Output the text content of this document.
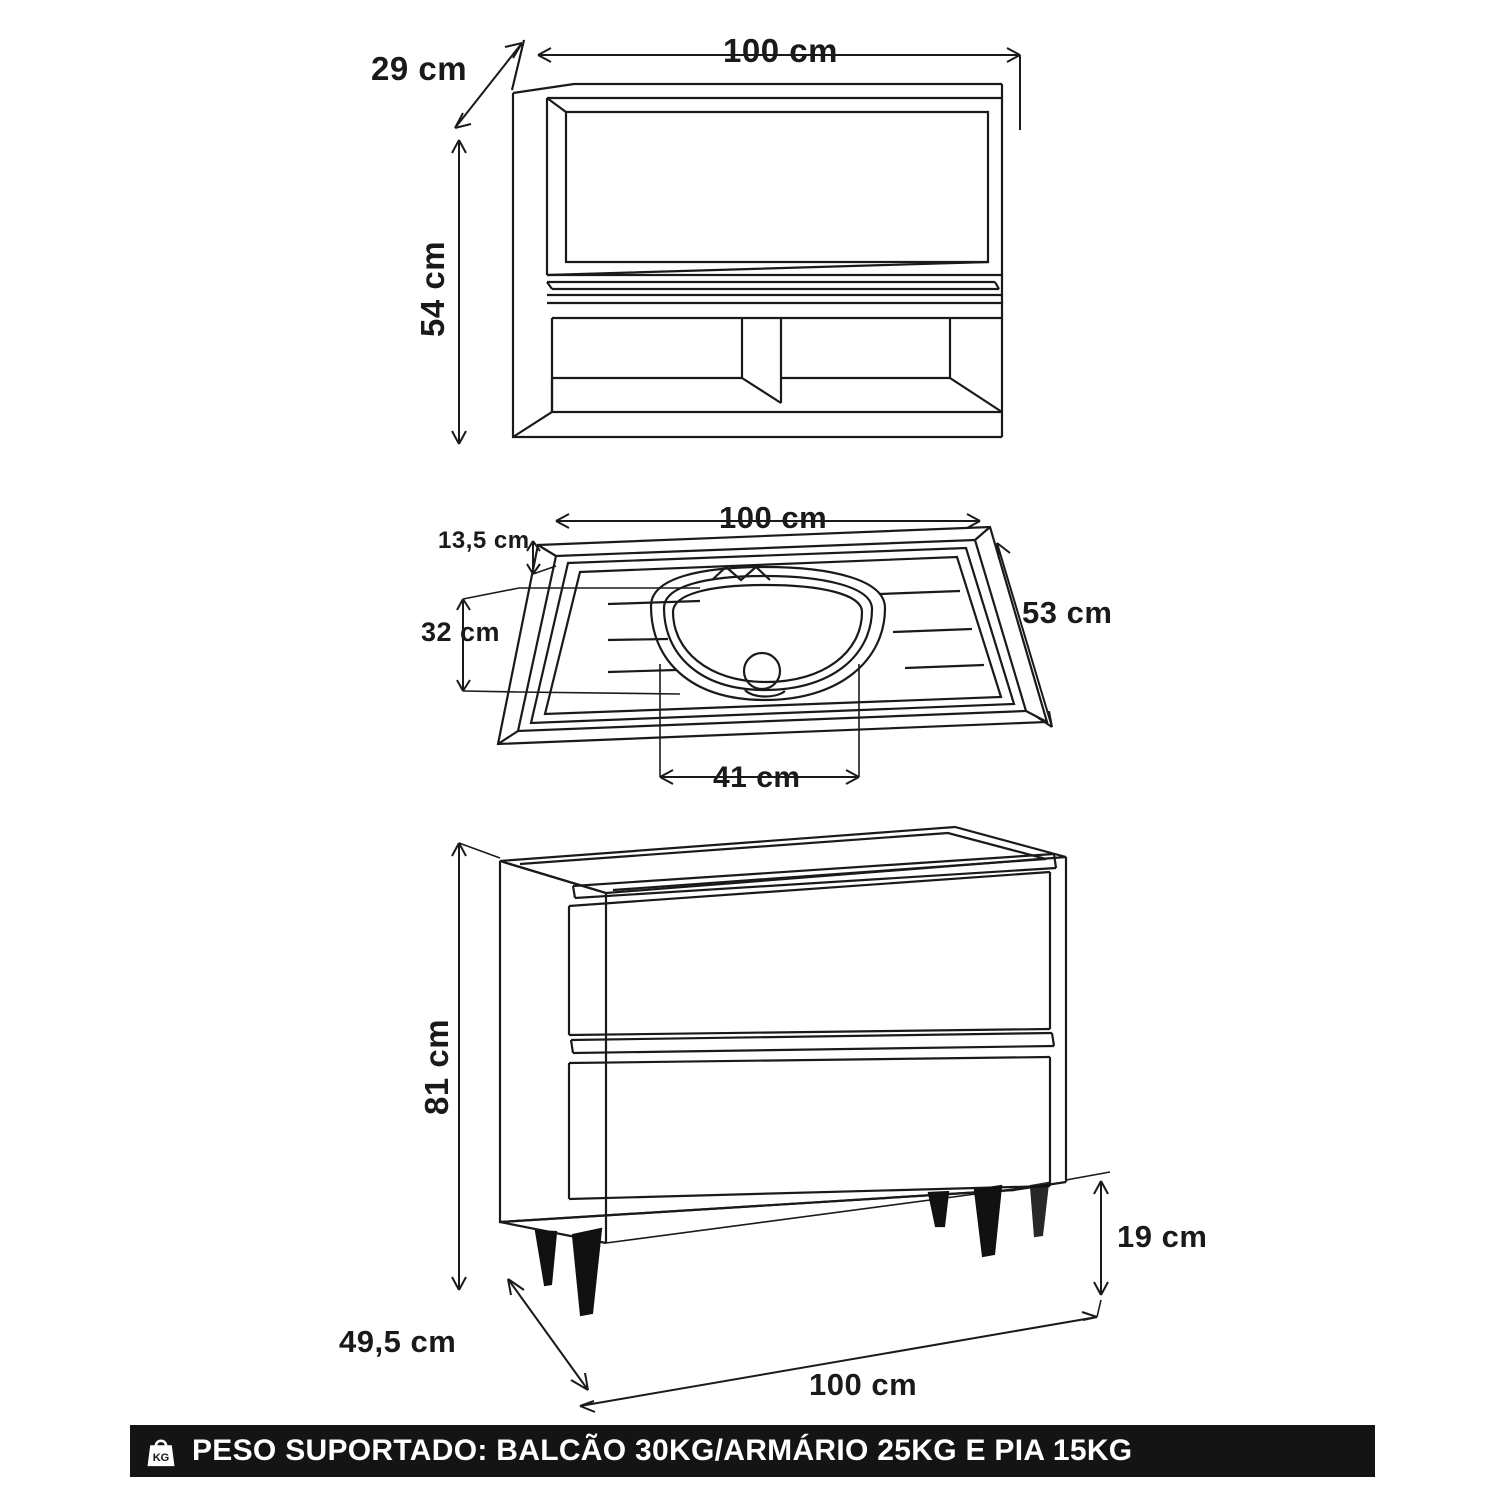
100 cm
29 cm
54 cm
100 cm
53 cm
13,5 cm
32 cm
41 cm
81 cm
19 cm
49,5 cm
100 cm
KG PESO SUPORTADO: BALCÃO 30KG/ARMÁRIO 25KG E PIA 15KG
